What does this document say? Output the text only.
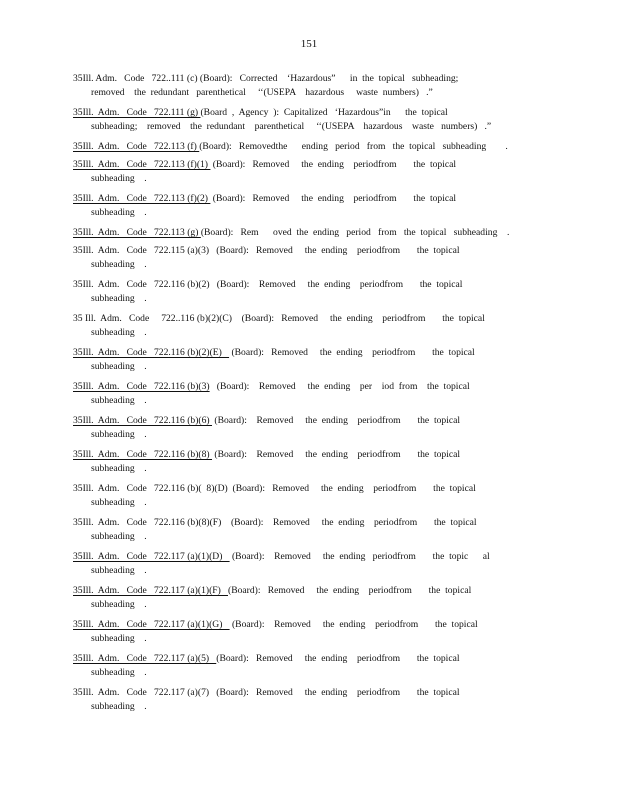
151

35Ill. Adm.   Code   722..111 (c) (Board):   Corrected    ‘Hazardous”      in  the  topical   subheading;
removed    the  redundant   parenthetical     ‘‘(USEPA    hazardous     waste  numbers)   .”

35Ill.  Adm.   Code   722.111 (g) (Board  ,  Agency  ):  Capitalized   ‘Hazardous”in      the  topical
subheading;    removed    the  redundant    parenthetical     ‘‘(USEPA    hazardous    waste   numbers)   .”

35Ill.  Adm.   Code   722.113 (f) (Board):   Removedthe      ending   period   from   the  topical   subheading        .

35Ill.  Adm.   Code   722.113 (f)(1)  (Board):   Removed     the  ending    periodfrom       the  topical
subheading    .

35Ill.  Adm.   Code   722.113 (f)(2)  (Board):   Removed     the  ending    periodfrom       the  topical
subheading    .

35Ill.  Adm.   Code   722.113 (g) (Board):   Rem      oved  the  ending   period   from   the  topical   subheading    .

35Ill.  Adm.   Code   722.115 (a)(3)   (Board):   Removed     the  ending    periodfrom       the  topical
subheading    .

35Ill.  Adm.   Code   722.116 (b)(2)   (Board):    Removed     the  ending    periodfrom       the  topical
subheading    .

35 Ill.  Adm.   Code     722..116 (b)(2)(C)    (Board):   Removed     the  ending    periodfrom       the  topical
subheading    .

35Ill.  Adm.   Code   722.116 (b)(2)(E)    (Board):   Removed     the  ending    periodfrom       the  topical
subheading    .

35Ill.  Adm.   Code   722.116 (b)(3)   (Board):    Removed     the  ending    per    iod  from    the  topical
subheading    .

35Ill.  Adm.   Code   722.116 (b)(6)  (Board):    Removed     the  ending    periodfrom       the  topical
subheading    .

35Ill.  Adm.   Code   722.116 (b)(8)  (Board):    Removed     the  ending    periodfrom       the  topical
subheading    .

35Ill.  Adm.   Code   722.116 (b)(  8)(D)  (Board):   Removed     the  ending    periodfrom       the  topical
subheading    .

35Ill.  Adm.   Code   722.116 (b)(8)(F)    (Board):    Removed     the  ending    periodfrom       the  topical
subheading    .

35Ill.  Adm.   Code   722.117 (a)(1)(D)    (Board):    Removed     the  ending   periodfrom       the  topic      al
subheading    .

35Ill.  Adm.   Code   722.117 (a)(1)(F)   (Board):   Removed     the  ending    periodfrom       the  topical
subheading    .

35Ill.  Adm.   Code   722.117 (a)(1)(G)    (Board):    Removed     the  ending    periodfrom       the  topical
subheading    .

35Ill.  Adm.   Code   722.117 (a)(5)   (Board):   Removed     the  ending    periodfrom       the  topical
subheading    .

35Ill.  Adm.   Code   722.117 (a)(7)   (Board):   Removed     the  ending    periodfrom       the  topical
subheading    .
